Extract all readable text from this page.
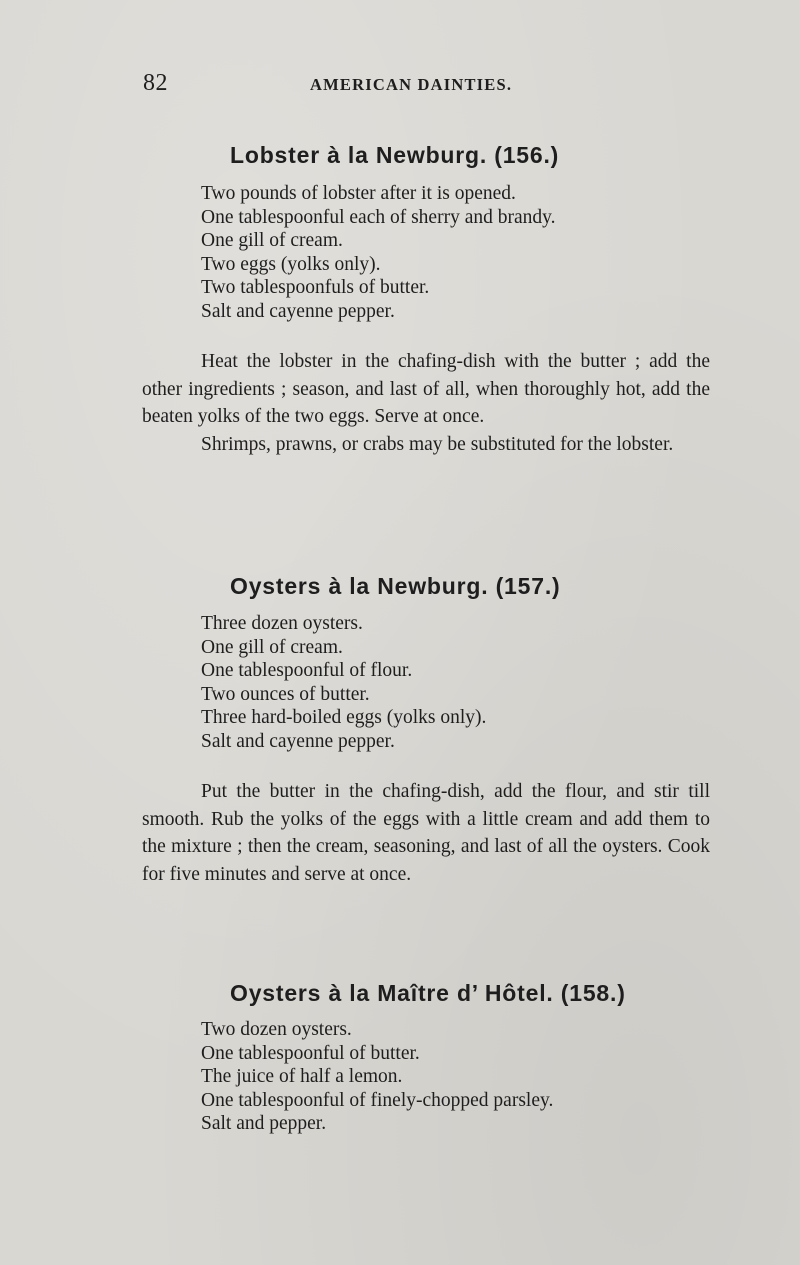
82	AMERICAN DAINTIES.
Lobster à la Newburg. (156.)
Two pounds of lobster after it is opened.
One tablespoonful each of sherry and brandy.
One gill of cream.
Two eggs (yolks only).
Two tablespoonfuls of butter.
Salt and cayenne pepper.

Heat the lobster in the chafing-dish with the butter ; add the other ingredients ; season, and last of all, when thoroughly hot, add the beaten yolks of the two eggs. Serve at once.

Shrimps, prawns, or crabs may be substituted for the lobster.

Oysters à la Newburg. (157.)
Three dozen oysters.
One gill of cream.
One tablespoonful of flour.
Two ounces of butter.
Three hard-boiled eggs (yolks only).
Salt and cayenne pepper.

Put the butter in the chafing-dish, add the flour, and stir till smooth. Rub the yolks of the eggs with a little cream and add them to the mixture ; then the cream, seasoning, and last of all the oysters. Cook for five minutes and serve at once.

Oysters à la Maître d’ Hôtel. (158.)
Two dozen oysters.
One tablespoonful of butter.
The juice of half a lemon.
One tablespoonful of finely-chopped parsley.
Salt and pepper.
